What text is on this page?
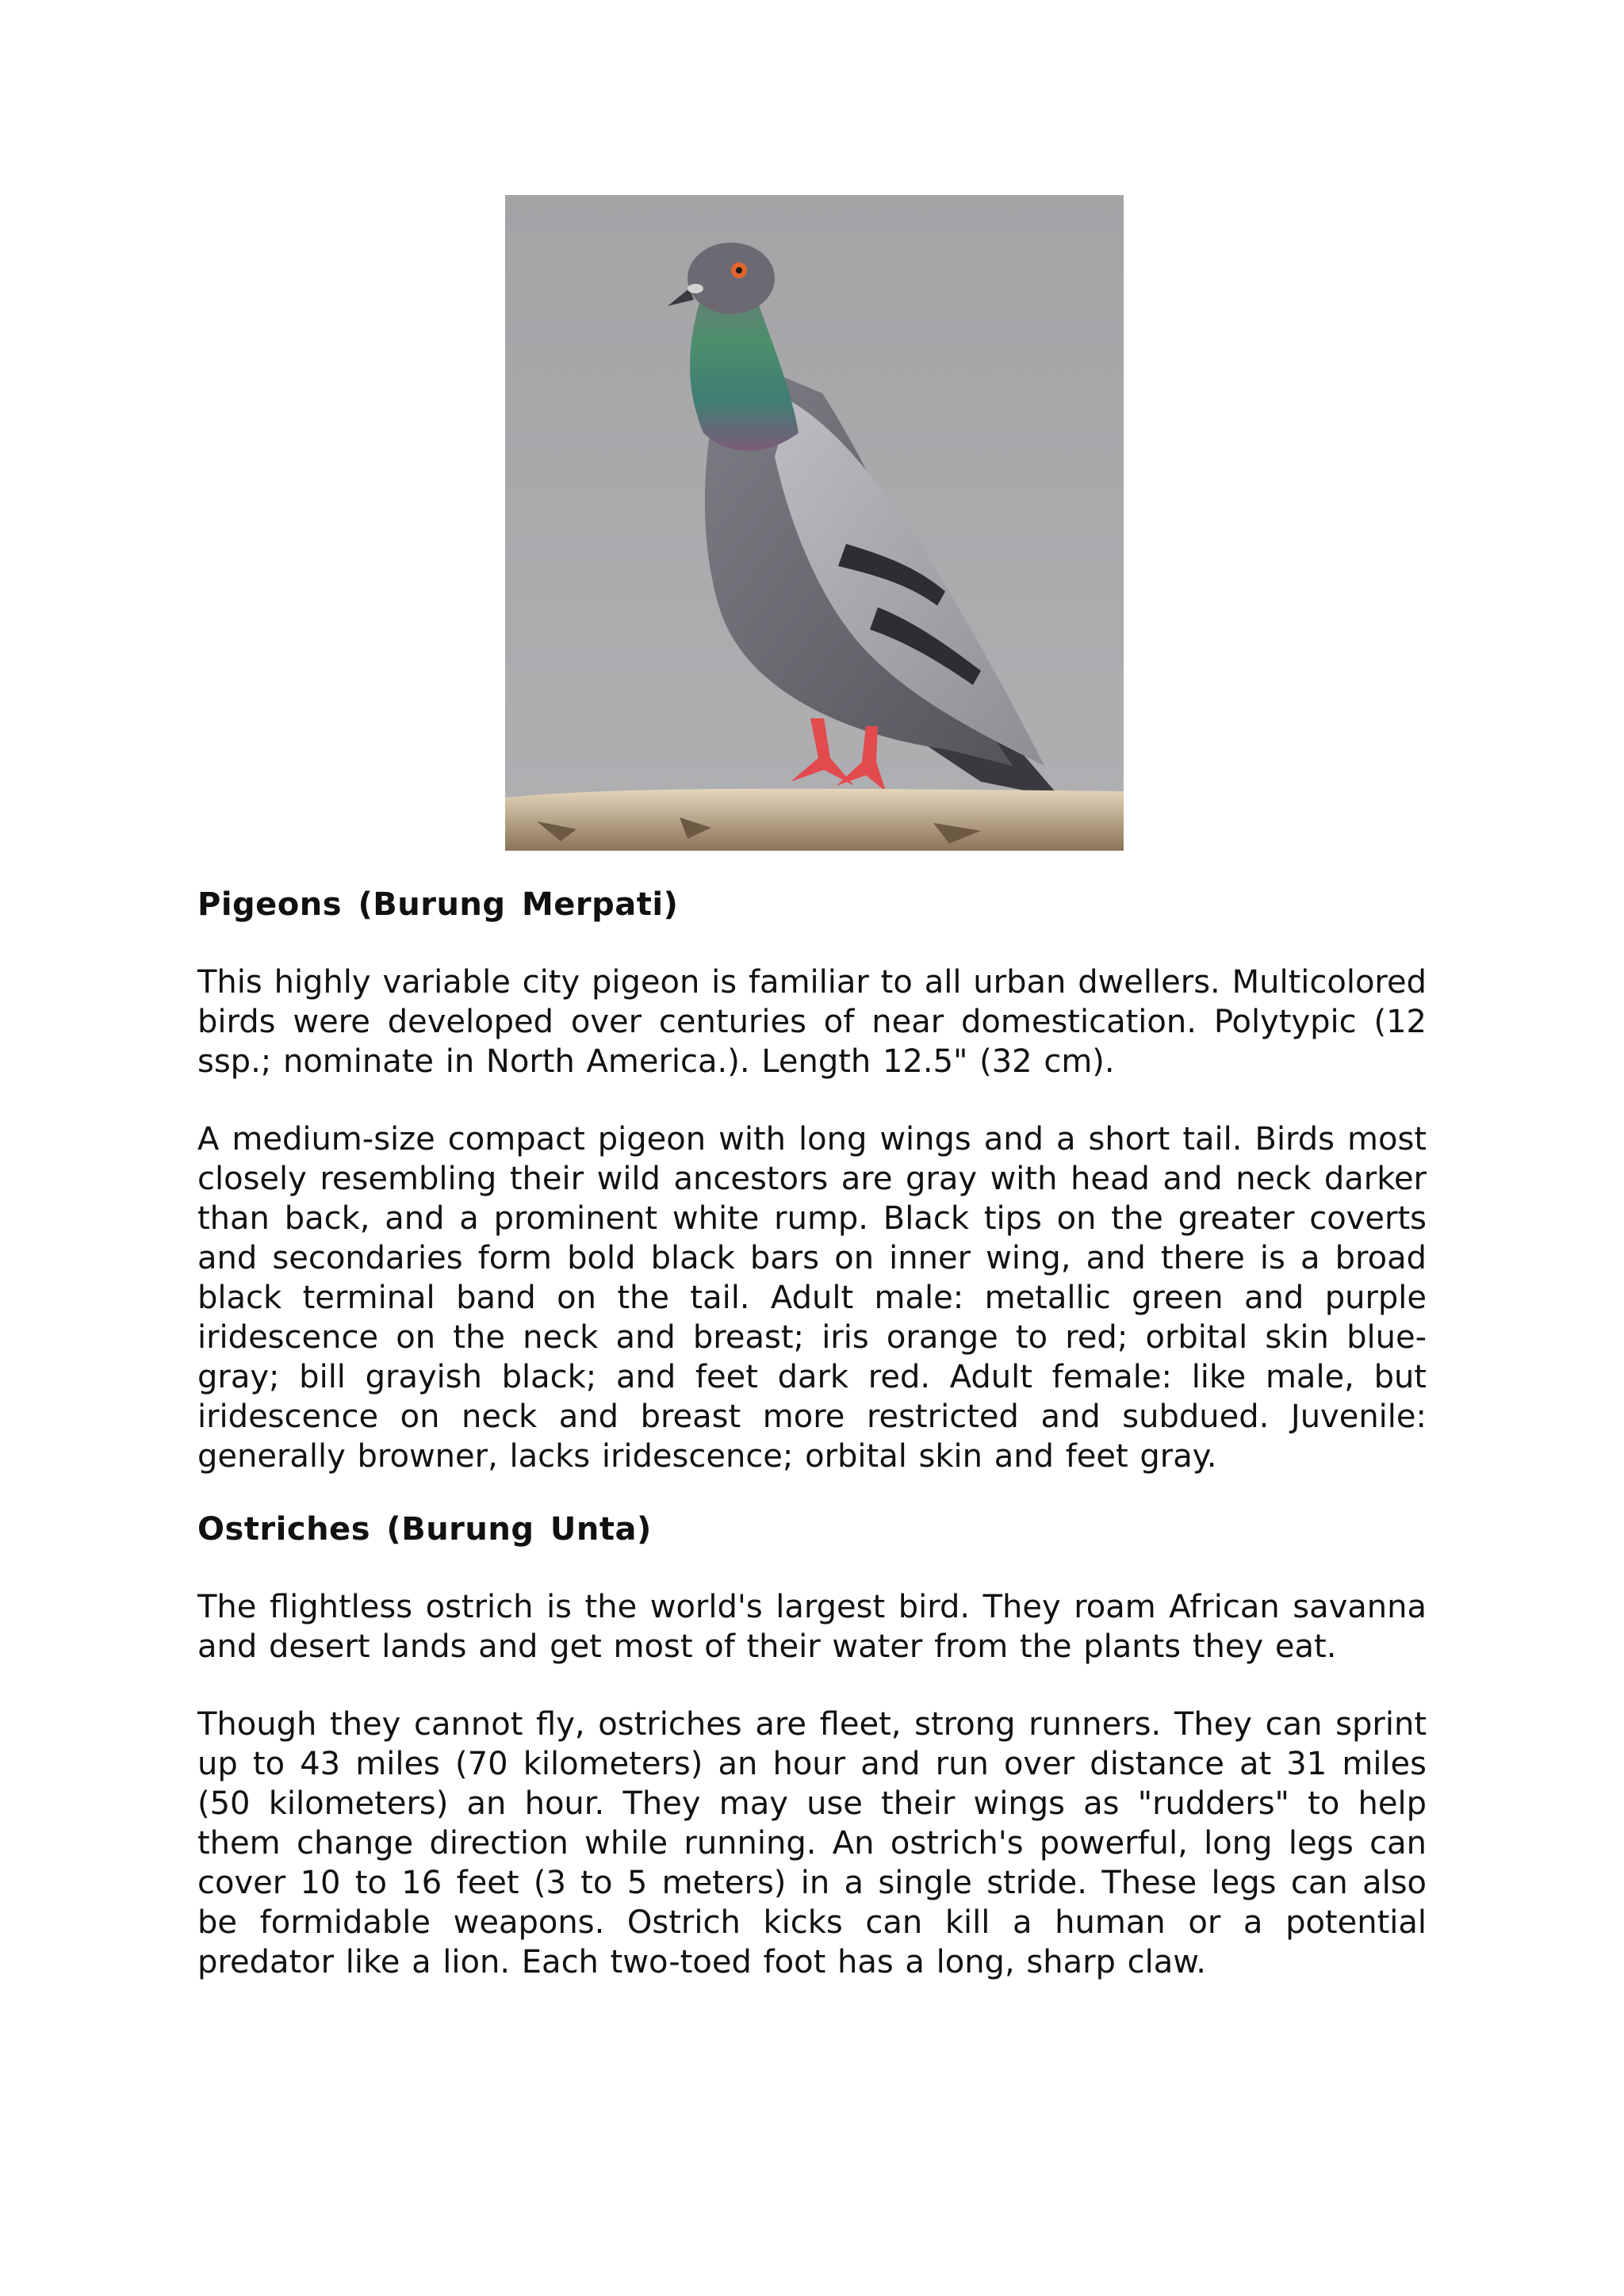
Pigeons (Burung Merpati)
This highly variable city pigeon is familiar to all urban dwellers. Multicolored birds were developed over centuries of near domestication. Polytypic (12 ssp.; nominate in North America.). Length 12.5" (32 cm).
A medium-size compact pigeon with long wings and a short tail. Birds most closely resembling their wild ancestors are gray with head and neck darker than back, and a prominent white rump. Black tips on the greater coverts and secondaries form bold black bars on inner wing, and there is a broad black terminal band on the tail. Adult male: metallic green and purple iridescence on the neck and breast; iris orange to red; orbital skin blue-gray; bill grayish black; and feet dark red. Adult female: like male, but iridescence on neck and breast more restricted and subdued. Juvenile: generally browner, lacks iridescence; orbital skin and feet gray.
Ostriches (Burung Unta)
The flightless ostrich is the world's largest bird. They roam African savanna and desert lands and get most of their water from the plants they eat.
Though they cannot fly, ostriches are fleet, strong runners. They can sprint up to 43 miles (70 kilometers) an hour and run over distance at 31 miles (50 kilometers) an hour. They may use their wings as "rudders" to help them change direction while running. An ostrich's powerful, long legs can cover 10 to 16 feet (3 to 5 meters) in a single stride. These legs can also be formidable weapons. Ostrich kicks can kill a human or a potential predator like a lion. Each two-toed foot has a long, sharp claw.
